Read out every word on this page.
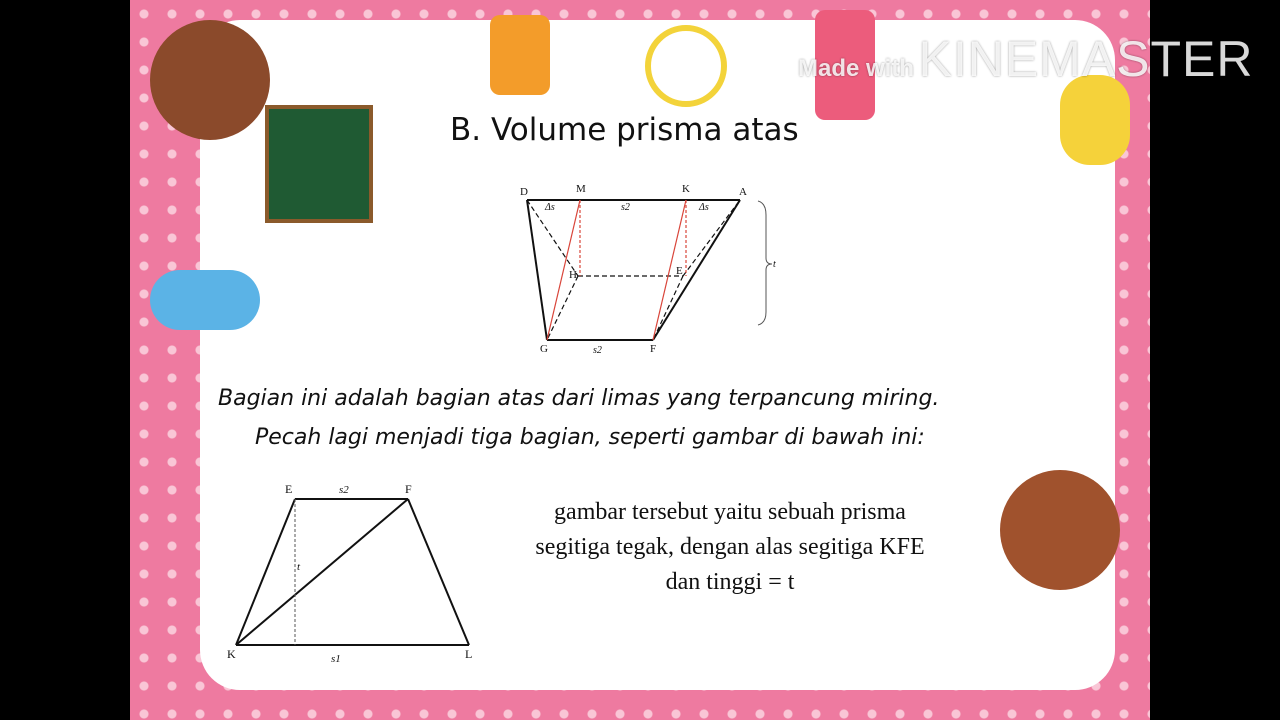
B. Volume prisma atas
D	M	K	A
H	E
G	F
Δs	Δs
s2
s2
t
E	F
K	L
s2
s1
t
Bagian ini adalah bagian atas dari limas yang terpancung miring.
Pecah lagi menjadi tiga bagian, seperti gambar di bawah ini:
gambar tersebut yaitu sebuah prisma segitiga tegak, dengan alas segitiga KFE dan tinggi = t
Made with KINEMASTER
